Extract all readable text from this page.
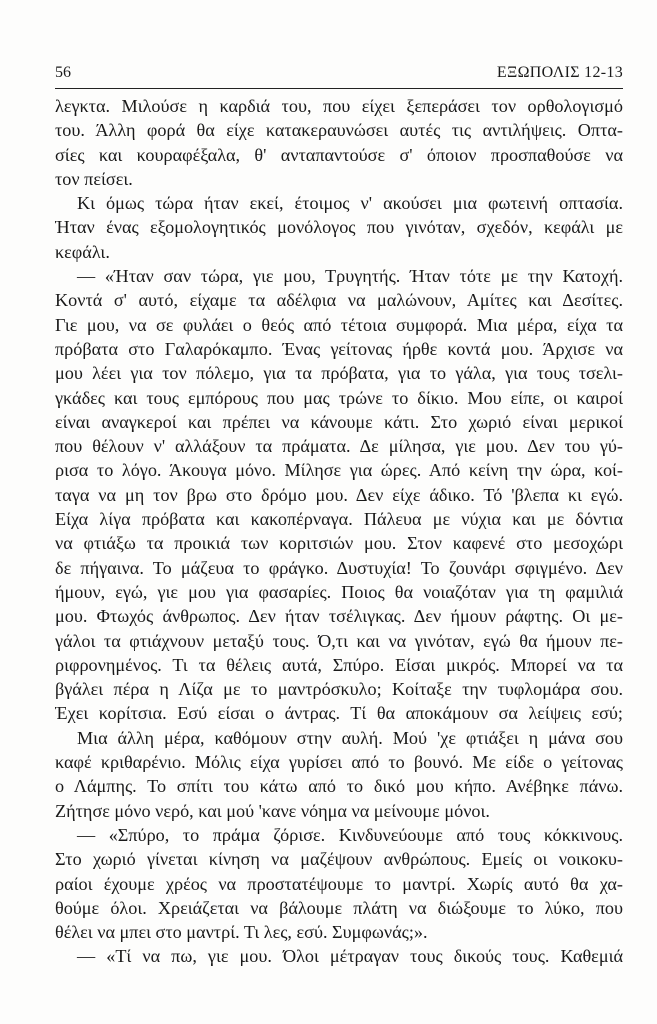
56	ΕΞΩΠΟΛΙΣ 12-13
λεγκτα. Μιλούσε η καρδιά του, που είχει ξεπεράσει τον ορθολογισμό
του. Άλλη φορά θα είχε κατακεραυνώσει αυτές τις αντιλήψεις. Οπτα-
σίες και κουραφέξαλα, θ' ανταπαντούσε σ' όποιον προσπαθούσε να
τον πείσει.
Κι όμως τώρα ήταν εκεί, έτοιμος ν' ακούσει μια φωτεινή οπτασία.
Ήταν ένας εξομολογητικός μονόλογος που γινόταν, σχεδόν, κεφάλι με
κεφάλι.
— «Ήταν σαν τώρα, γιε μου, Τρυγητής. Ήταν τότε με την Κατοχή.
Κοντά σ' αυτό, είχαμε τα αδέλφια να μαλώνουν, Αμίτες και Δεσίτες.
Γιε μου, να σε φυλάει ο θεός από τέτοια συμφορά. Μια μέρα, είχα τα
πρόβατα στο Γαλαρόκαμπο. Ένας γείτονας ήρθε κοντά μου. Άρχισε να
μου λέει για τον πόλεμο, για τα πρόβατα, για το γάλα, για τους τσελι-
γκάδες και τους εμπόρους που μας τρώνε το δίκιο. Μου είπε, οι καιροί
είναι αναγκεροί και πρέπει να κάνουμε κάτι. Στο χωριό είναι μερικοί
που θέλουν ν' αλλάξουν τα πράματα. Δε μίλησα, γιε μου. Δεν του γύ-
ρισα το λόγο. Άκουγα μόνο. Μίλησε για ώρες. Από κείνη την ώρα, κοί-
ταγα να μη τον βρω στο δρόμο μου. Δεν είχε άδικο. Τό 'βλεπα κι εγώ.
Είχα λίγα πρόβατα και κακοπέρναγα. Πάλευα με νύχια και με δόντια
να φτιάξω τα προικιά των κοριτσιών μου. Στον καφενέ στο μεσοχώρι
δε πήγαινα. Το μάζευα το φράγκο. Δυστυχία! Το ζουνάρι σφιγμένο. Δεν
ήμουν, εγώ, γιε μου για φασαρίες. Ποιος θα νοιαζόταν για τη φαμιλιά
μου. Φτωχός άνθρωπος. Δεν ήταν τσέλιγκας. Δεν ήμουν ράφτης. Οι με-
γάλοι τα φτιάχνουν μεταξύ τους. Ό,τι και να γινόταν, εγώ θα ήμουν πε-
ριφρονημένος. Τι τα θέλεις αυτά, Σπύρο. Είσαι μικρός. Μπορεί να τα
βγάλει πέρα η Λίζα με το μαντρόσκυλο; Κοίταξε την τυφλομάρα σου.
Έχει κορίτσια. Εσύ είσαι ο άντρας. Τί θα αποκάμουν σα λείψεις εσύ;
Μια άλλη μέρα, καθόμουν στην αυλή. Μού 'χε φτιάξει η μάνα σου
καφέ κριθαρένιο. Μόλις είχα γυρίσει από το βουνό. Με είδε ο γείτονας
ο Λάμπης. Το σπίτι του κάτω από το δικό μου κήπο. Ανέβηκε πάνω.
Ζήτησε μόνο νερό, και μού 'κανε νόημα να μείνουμε μόνοι.
— «Σπύρο, το πράμα ζόρισε. Κινδυνεύουμε από τους κόκκινους.
Στο χωριό γίνεται κίνηση να μαζέψουν ανθρώπους. Εμείς οι νοικοκυ-
ραίοι έχουμε χρέος να προστατέψουμε το μαντρί. Χωρίς αυτό θα χα-
θούμε όλοι. Χρειάζεται να βάλουμε πλάτη να διώξουμε το λύκο, που
θέλει να μπει στο μαντρί. Τι λες, εσύ. Συμφωνάς;».
— «Τί να πω, γιε μου. Όλοι μέτραγαν τους δικούς τους. Καθεμιά
